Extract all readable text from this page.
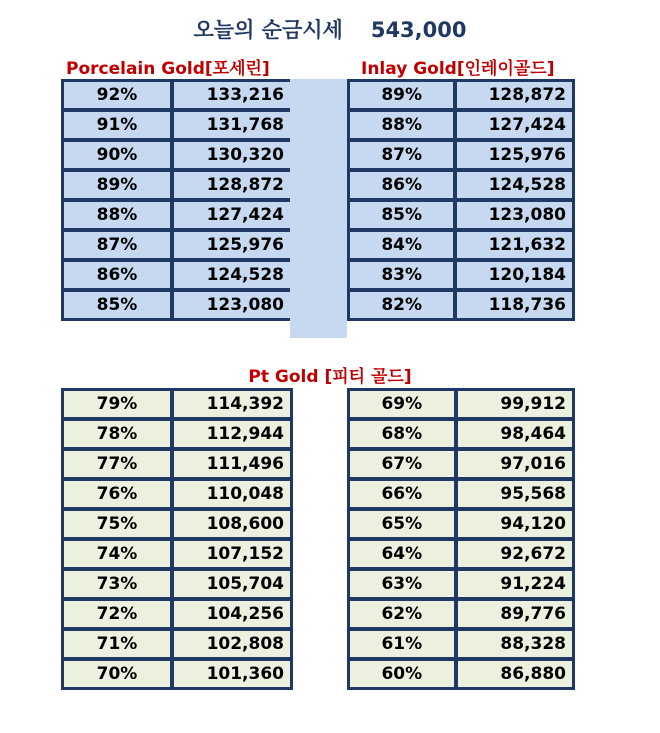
오늘의 순금시세 543,000
Porcelain Gold[포세린]	Inlay Gold[인레이골드]
92%	133,216
91%	131,768
90%	130,320
89%	128,872
88%	127,424
87%	125,976
86%	124,528
85%	123,080
89%	128,872
88%	127,424
87%	125,976
86%	124,528
85%	123,080
84%	121,632
83%	120,184
82%	118,736
Pt Gold [피티 골드]
79%	114,392
78%	112,944
77%	111,496
76%	110,048
75%	108,600
74%	107,152
73%	105,704
72%	104,256
71%	102,808
70%	101,360
69%	99,912
68%	98,464
67%	97,016
66%	95,568
65%	94,120
64%	92,672
63%	91,224
62%	89,776
61%	88,328
60%	86,880
